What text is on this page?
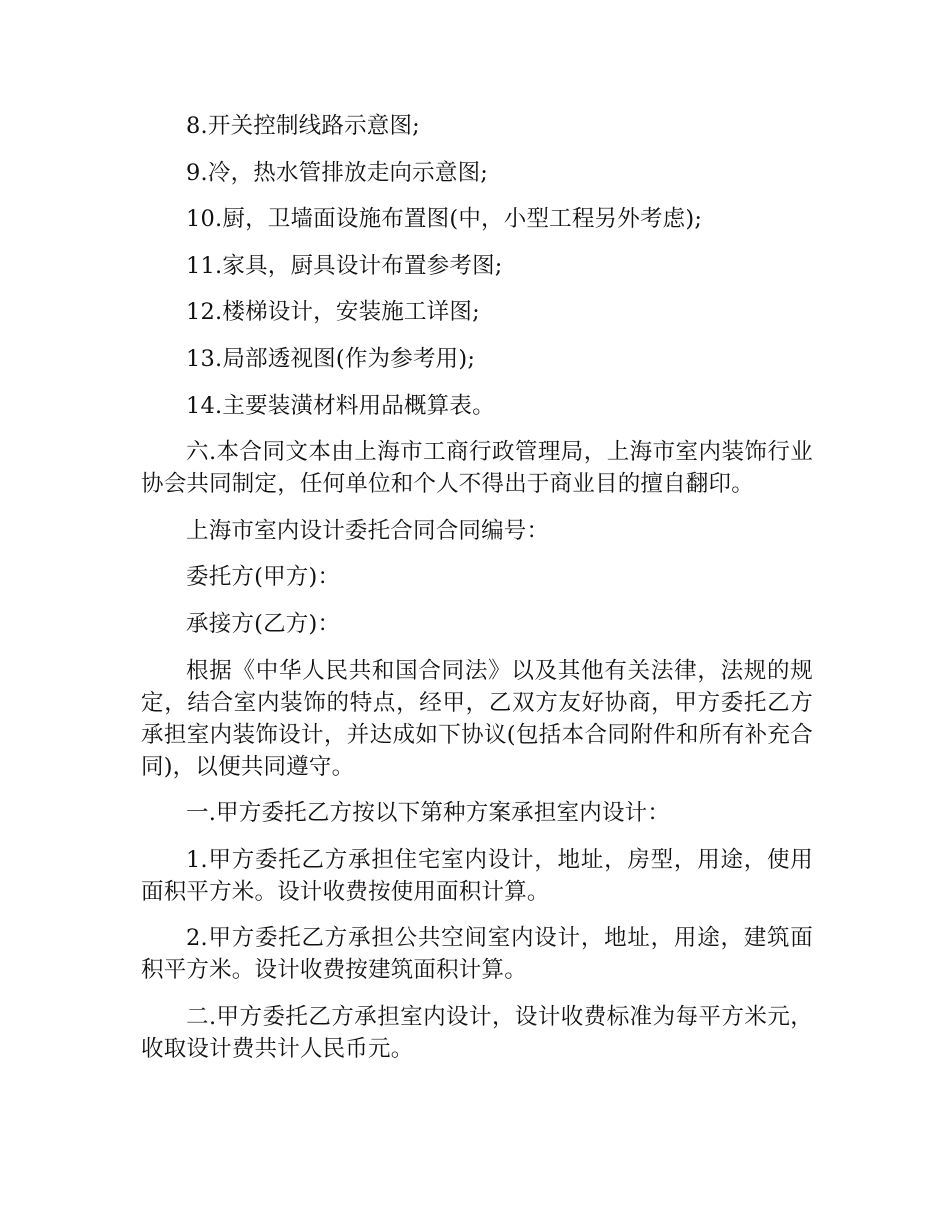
8.开关控制线路示意图;

9.冷，热水管排放走向示意图;

10.厨，卫墙面设施布置图(中，小型工程另外考虑);

11.家具，厨具设计布置参考图;

12.楼梯设计，安装施工详图;

13.局部透视图(作为参考用);

14.主要装潢材料用品概算表。

六.本合同文本由上海市工商行政管理局，上海市室内装饰行业协会共同制定，任何单位和个人不得出于商业目的擅自翻印。

上海市室内设计委托合同合同编号：

委托方(甲方)：

承接方(乙方)：

根据《中华人民共和国合同法》以及其他有关法律，法规的规定，结合室内装饰的特点，经甲，乙双方友好协商，甲方委托乙方承担室内装饰设计，并达成如下协议(包括本合同附件和所有补充合同)，以便共同遵守。

一.甲方委托乙方按以下第种方案承担室内设计：

1.甲方委托乙方承担住宅室内设计，地址，房型，用途，使用面积平方米。设计收费按使用面积计算。

2.甲方委托乙方承担公共空间室内设计，地址，用途，建筑面积平方米。设计收费按建筑面积计算。

二.甲方委托乙方承担室内设计，设计收费标准为每平方米元，收取设计费共计人民币元。
